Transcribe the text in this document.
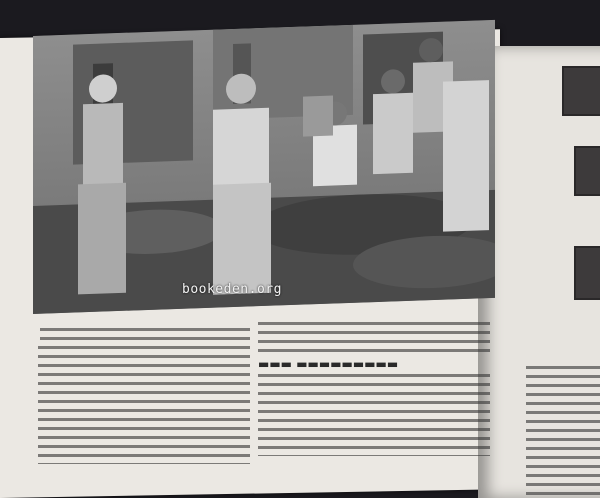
bookeden.org
▬▬▬ ▬▬▬▬▬▬▬▬▬
